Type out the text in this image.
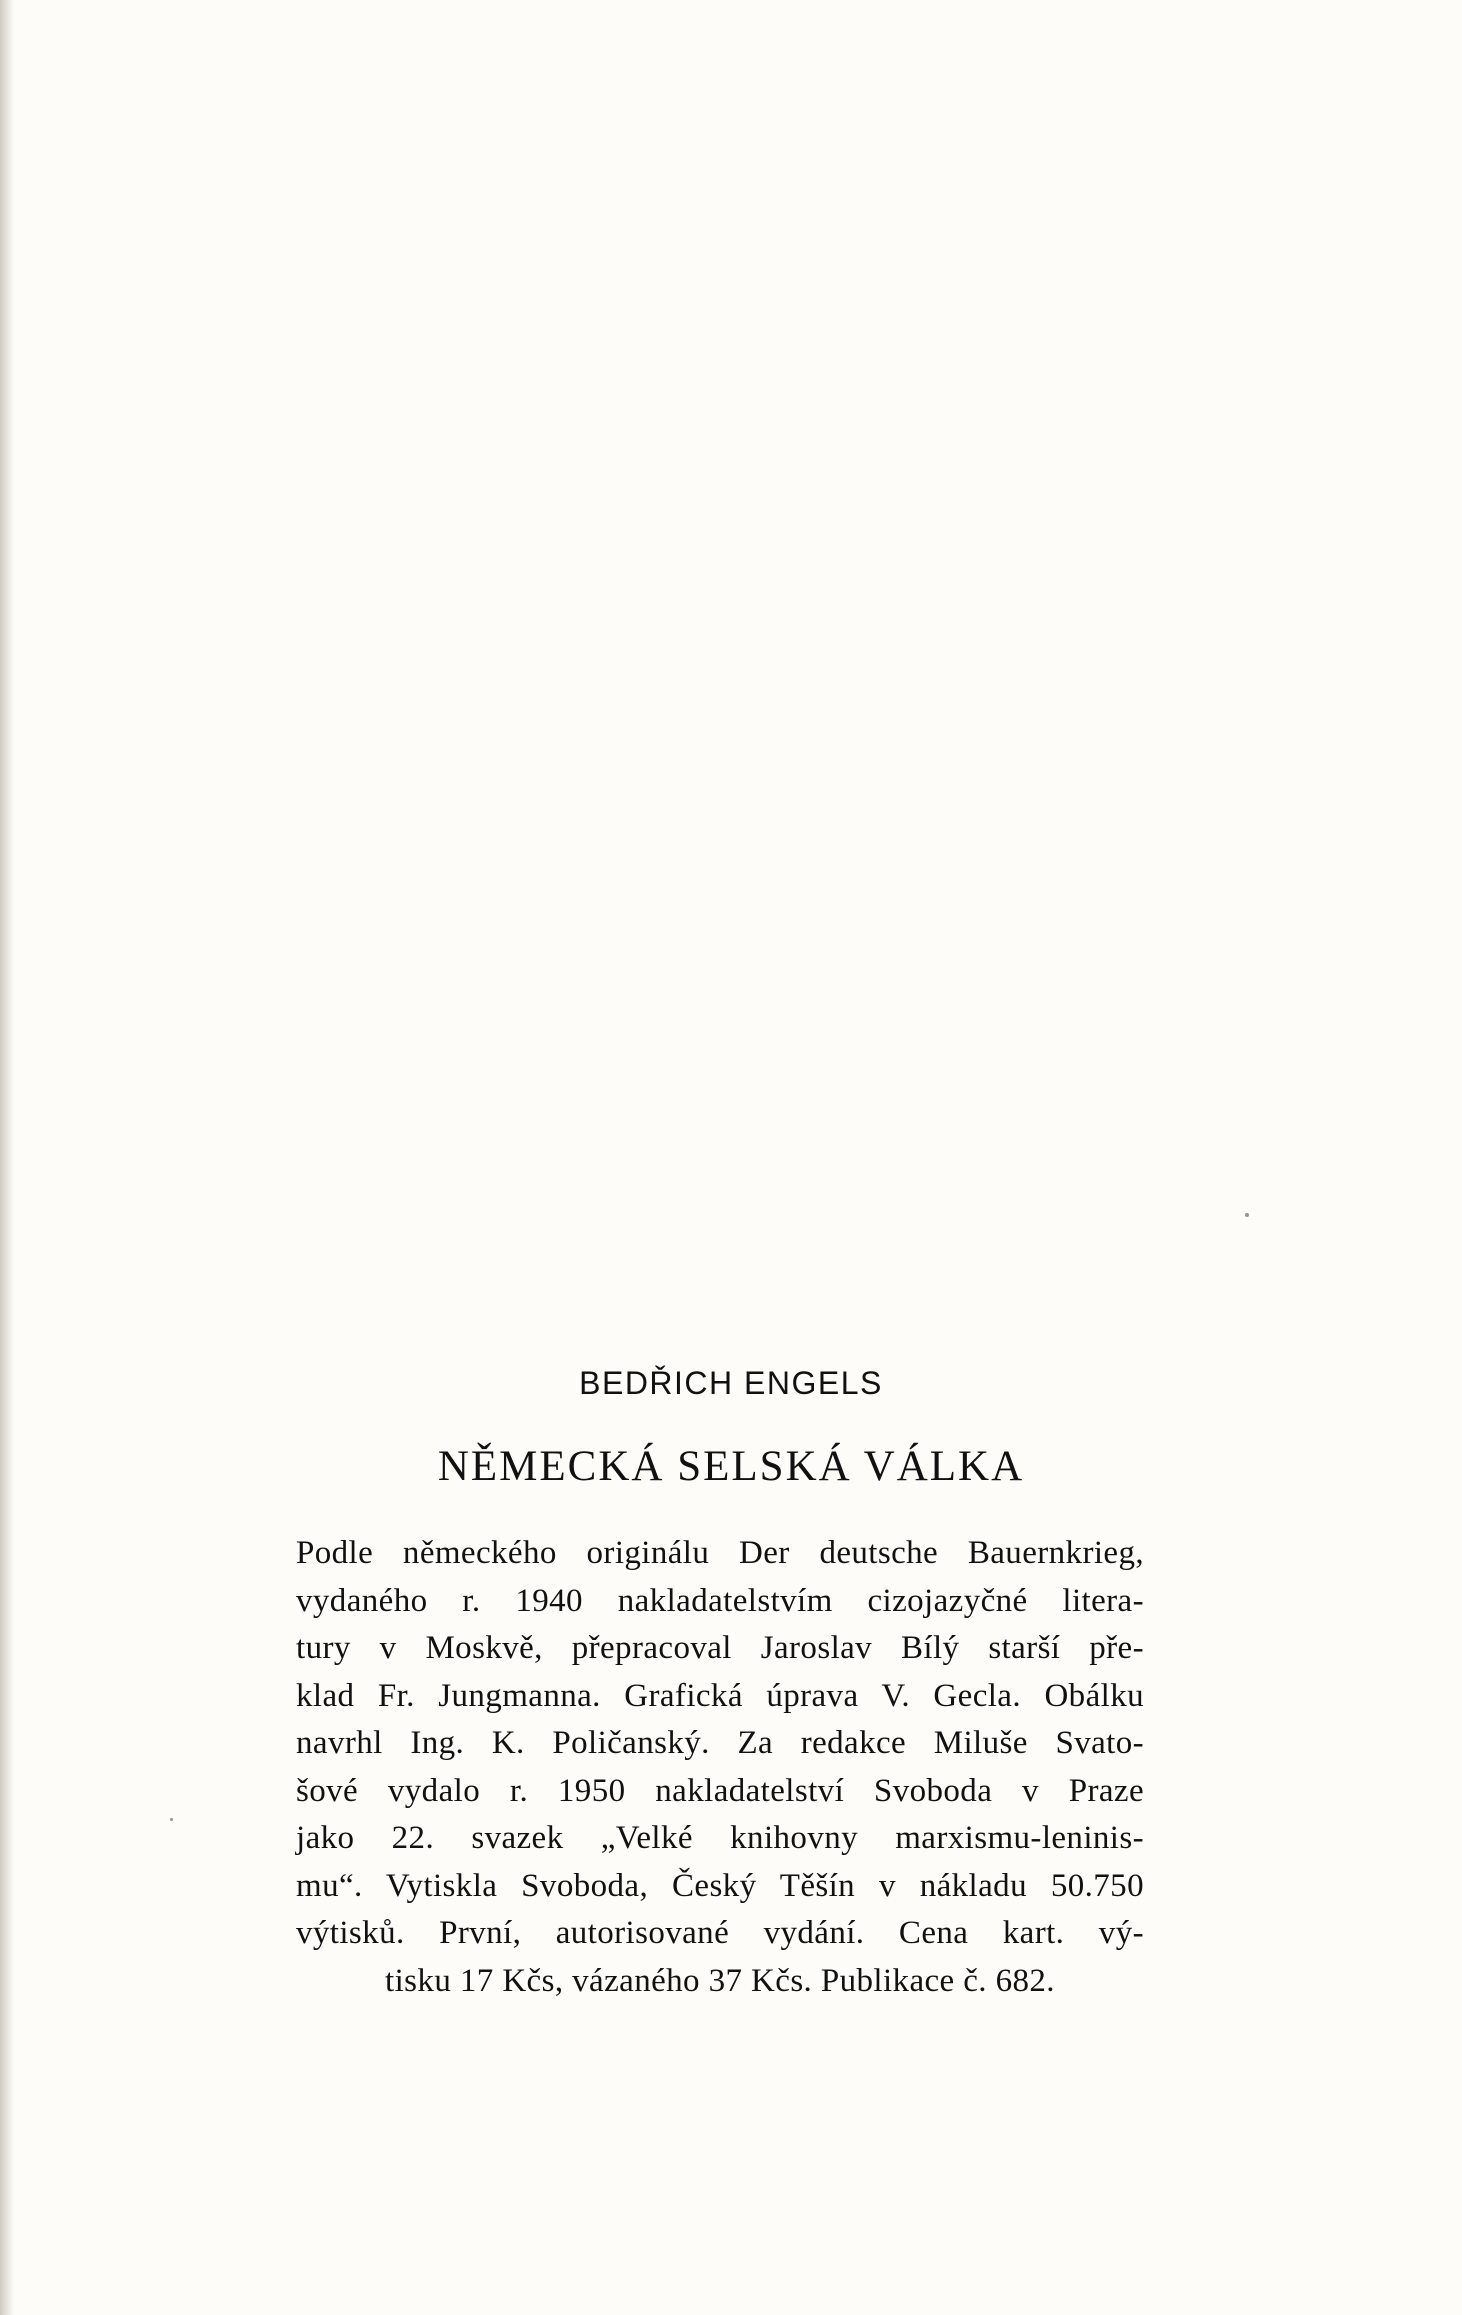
BEDŘICH ENGELS
NĚMECKÁ SELSKÁ VÁLKA
Podle německého originálu Der deutsche Bauernkrieg,
vydaného r. 1940 nakladatelstvím cizojazyčné litera-
tury v Moskvě, přepracoval Jaroslav Bílý starší pře-
klad Fr. Jungmanna. Grafická úprava V. Gecla. Obálku
navrhl Ing. K. Poličanský. Za redakce Miluše Svato-
šové vydalo r. 1950 nakladatelství Svoboda v Praze
jako 22. svazek „Velké knihovny marxismu-leninis-
mu“. Vytiskla Svoboda, Český Těšín v nákladu 50.750
výtisků. První, autorisované vydání. Cena kart. vý-
tisku 17 Kčs, vázaného 37 Kčs. Publikace č. 682.
